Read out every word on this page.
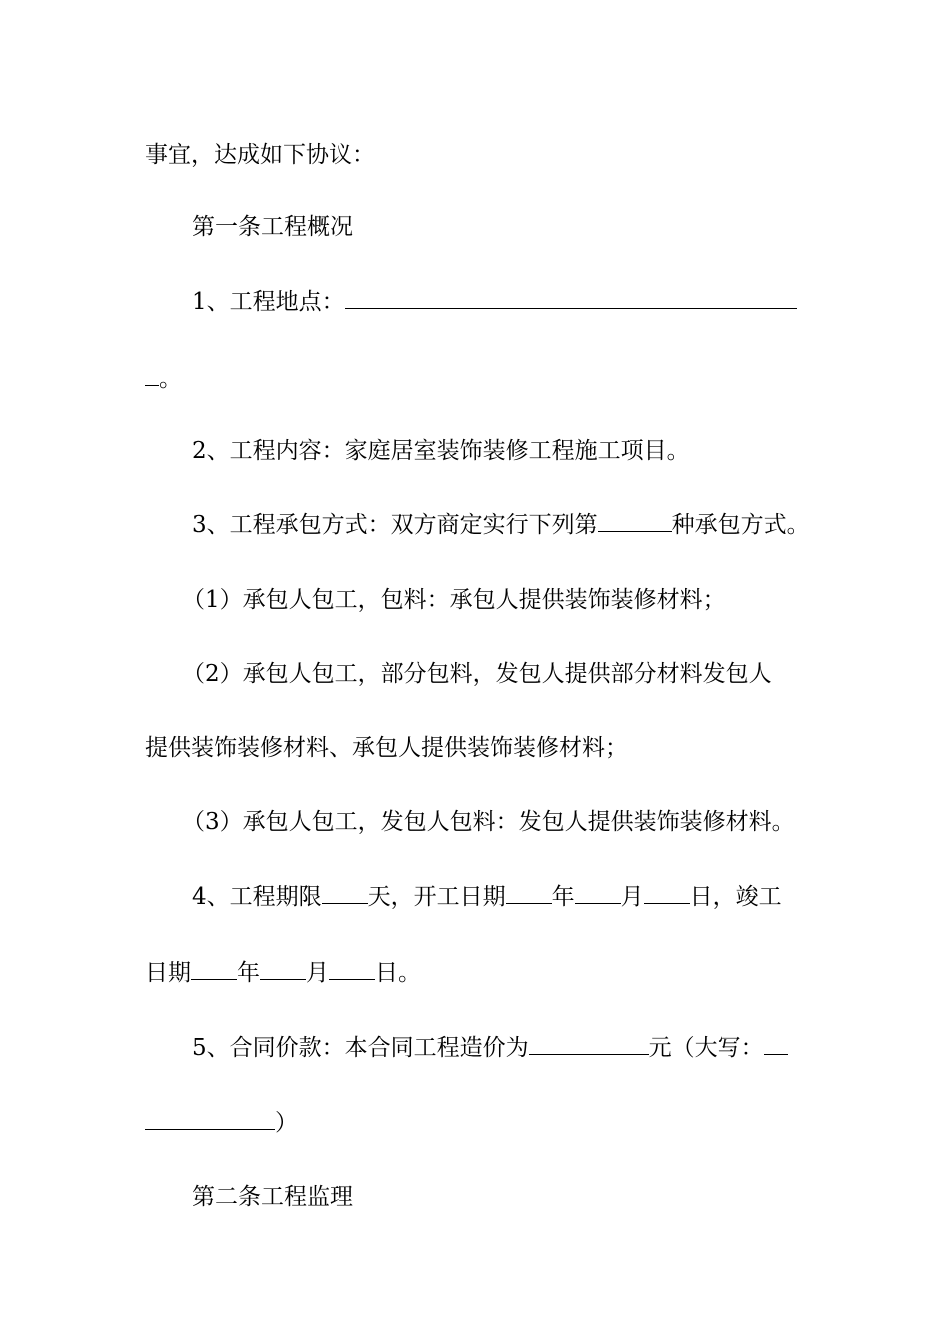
事宜，达成如下协议：
第一条工程概况
1、工程地点：
。
2、工程内容：家庭居室装饰装修工程施工项目。
3、工程承包方式：双方商定实行下列第	种承包方式。
（1）承包人包工，包料：承包人提供装饰装修材料；
（2）承包人包工，部分包料，发包人提供部分材料发包人
提供装饰装修材料、承包人提供装饰装修材料；
（3）承包人包工，发包人包料：发包人提供装饰装修材料。
4、工程期限 天，开工日期 年 月 日，竣工
日期 年 月 日。
5、合同价款：本合同工程造价为	元（大写：
）
第二条工程监理
